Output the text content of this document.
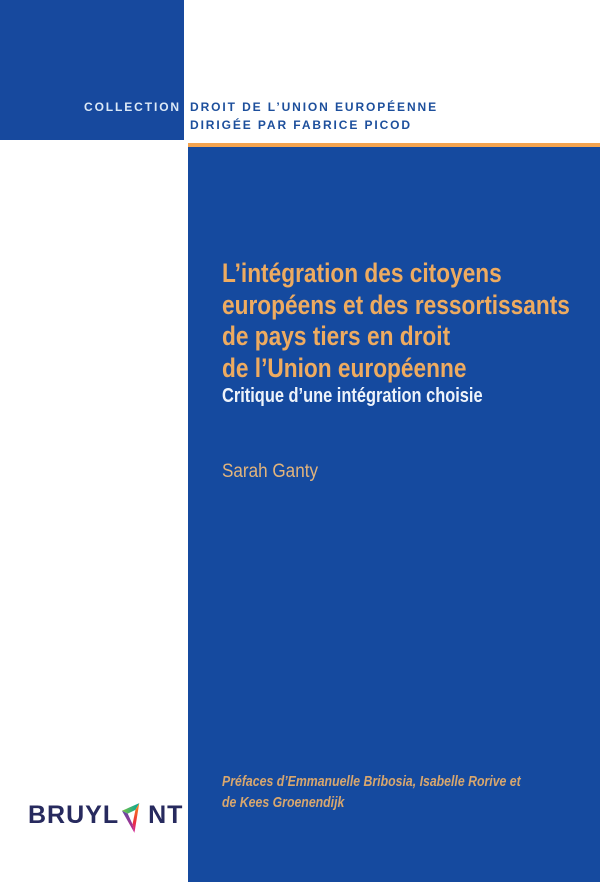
COLLECTION DROIT DE L’UNION EUROPÉENNE
DIRIGÉE PAR FABRICE PICOD
L’intégration des citoyens
européens et des ressortissants
de pays tiers en droit
de l’Union européenne
Critique d’une intégration choisie
Sarah Ganty
Préfaces d’Emmanuelle Bribosia, Isabelle Rorive et
de Kees Groenendijk
BRUYL NT
